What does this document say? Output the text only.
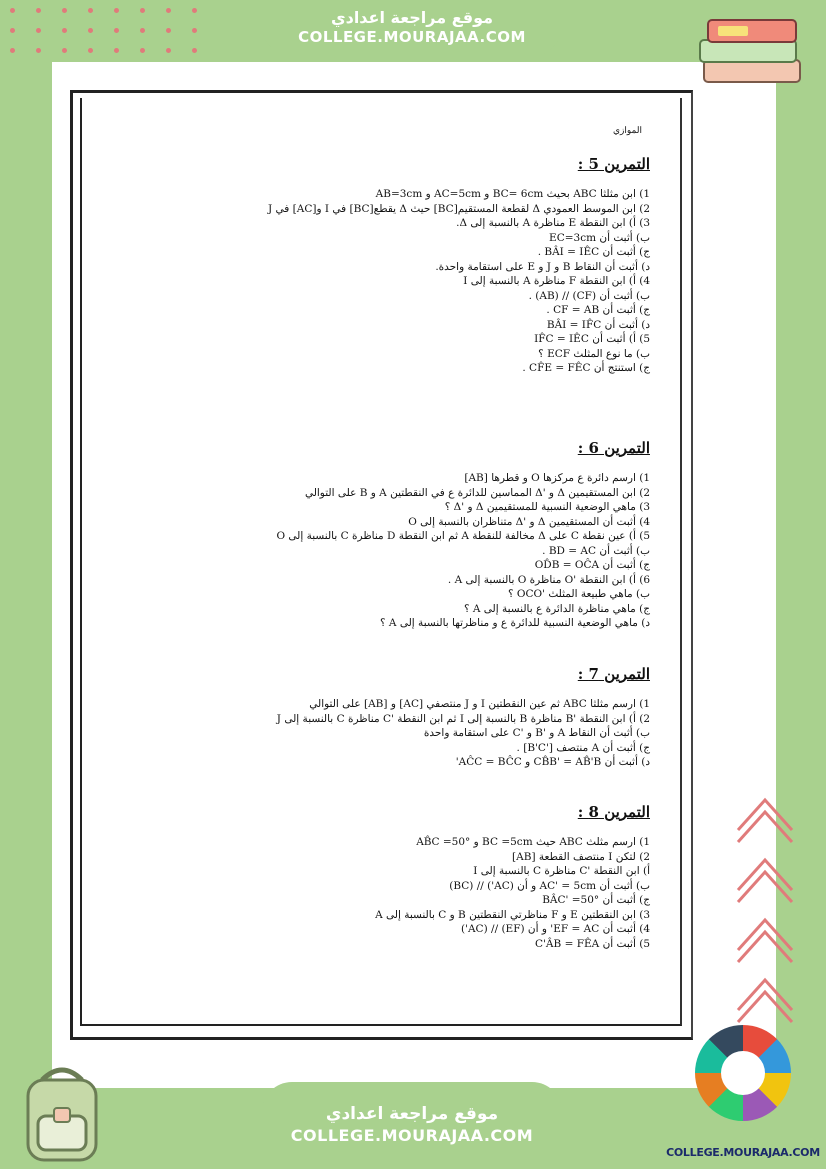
موقع مراجعة اعدادي
COLLEGE.MOURAJAA.COM
الموازي
التمرين 5 :
1) ابن مثلثا ABC بحيث BC= 6cm و AC=5cm و AB=3cm
2) ابن الموسط العمودي Δ لقطعة المستقيم[BC] حيث Δ يقطع[BC] في I و[AC] في J
3) أ) ابن النقطة E مناظرة A بالنسبة إلى Δ.
ب) أثبت أن EC=3cm
ج) أثبت أن BÂI = IÊC .
د) أثبت أن النقاط B و J و E على استقامة واحدة.
4) أ) ابن النقطة F مناظرة A بالنسبة إلى I
ب) أثبت أن (CF) // (AB) .
ج) أثبت أن CF = AB .
د) أثبت أن BÂI = IF̂C
5) أ) أثبت أن IF̂C = IÊC
ب) ما نوع المثلث ECF ؟
ج) استنتج أن CF̂E = FÊC .
التمرين 6 :
1) ارسم دائرة ع مركزها O و قطرها [AB]
2) ابن المستقيمين Δ و 'Δ المماسين للدائرة ع في النقطتين A و B على التوالي
3) ماهي الوضعية النسبية للمستقيمين Δ و 'Δ ؟
4) أثبت أن المستقيمين Δ و 'Δ متناظران بالنسبة إلى O
5) أ) عين نقطة C على Δ مخالفة للنقطة A ثم ابن النقطة D مناظرة C بالنسبة إلى O
ب) أثبت أن BD = AC .
ج) أثبت أن OD̂B = OĈA
6) أ) ابن النقطة 'O مناظرة O بالنسبة إلى A .
ب) ماهي طبيعة المثلث 'OCO ؟
ج) ماهي مناظرة الدائرة ع بالنسبة إلى A ؟
د) ماهي الوضعية النسبية للدائرة ع و مناظرتها بالنسبة إلى A ؟
التمرين 7 :
1) ارسم مثلثا ABC ثم عين النقطتين I و J منتصفي [AC] و [AB] على التوالي
2) أ) ابن النقطة 'B مناظرة B بالنسبة إلى I ثم ابن النقطة 'C مناظرة C بالنسبة إلى J
ب) أثبت أن النقاط A و 'B و 'C على استقامة واحدة
ج) أثبت أن A منتصف ['B'C] .
د) أثبت أن CB̂B' = AB̂'B و AĈC = BĈC'
التمرين 8 :
1) ارسم مثلث ABC حيث BC =5cm و AB̂C =50°
2) لتكن I منتصف القطعة [AB]
أ) ابن النقطة 'C مناظرة C بالنسبة إلى I
ب) أثبت أن AC' = 5cm و أن (AC') // (BC)
ج) أثبت أن BÂC' =50°
3) ابن النقطتين E و F مناظرتي النقطتين B و C بالنسبة إلى A
4) أثبت أن EF = AC' و أن (EF) // (AC')
5) أثبت أن C'ÂB = FÊA
COLLEGE.MOURAJAA.COM
موقع مراجعة اعدادي
COLLEGE.MOURAJAA.COM
